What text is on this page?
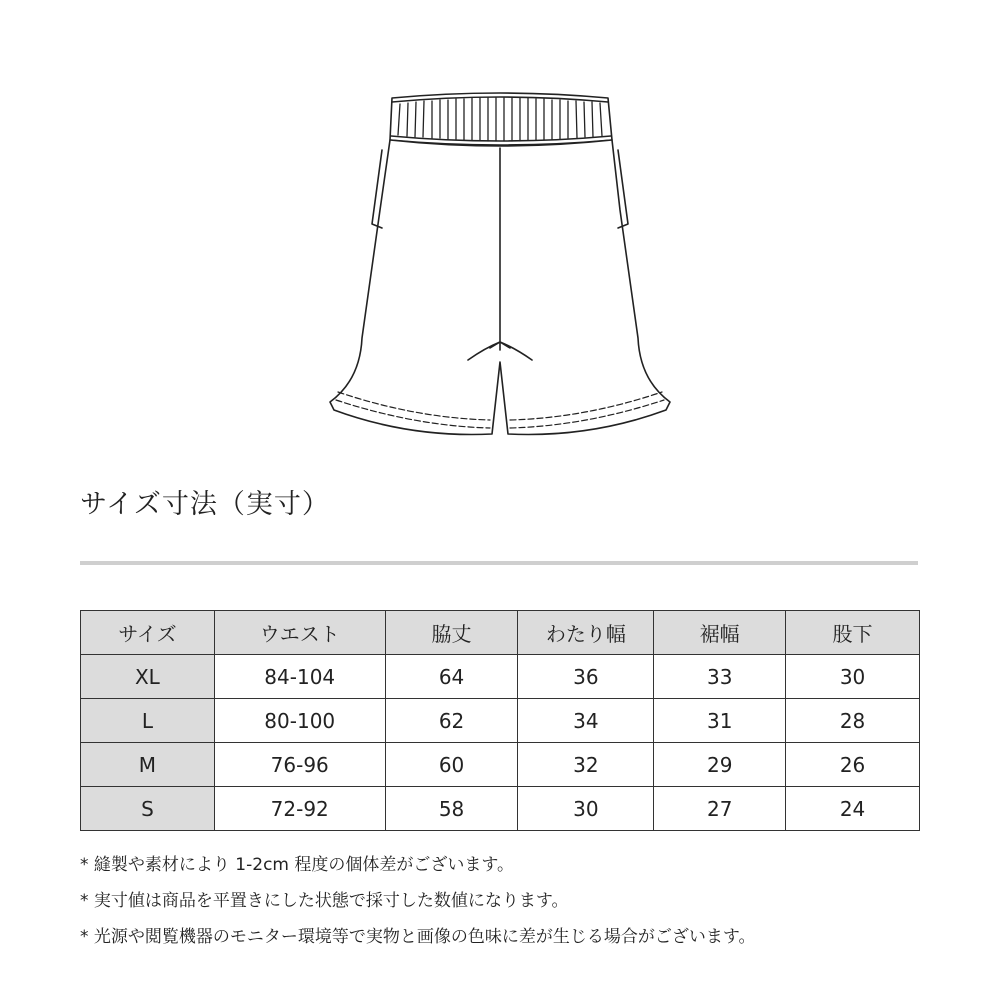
サイズ寸法（実寸）
サイズ	ウエスト	脇丈	わたり幅	裾幅	股下
XL	84-104	64	36	33	30
L	80-100	62	34	31	28
M	76-96	60	32	29	26
S	72-92	58	30	27	24
* 縫製や素材により 1-2cm 程度の個体差がございます。
* 実寸値は商品を平置きにした状態で採寸した数値になります。
* 光源や閲覧機器のモニター環境等で実物と画像の色味に差が生じる場合がございます。
